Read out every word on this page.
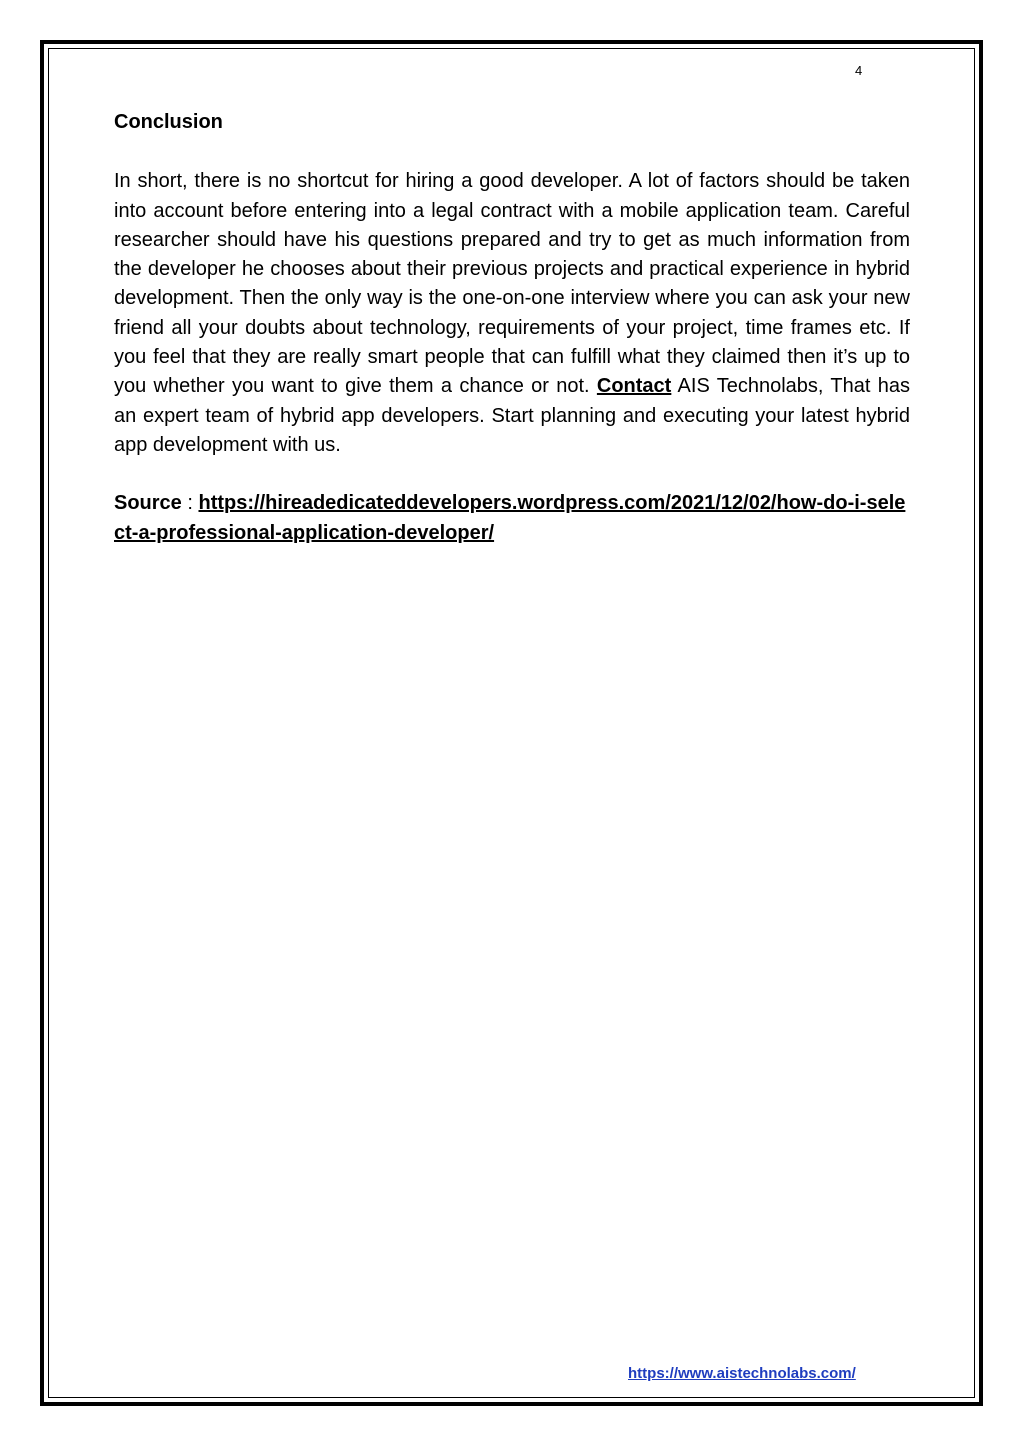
4

Conclusion

In short, there is no shortcut for hiring a good developer. A lot of factors should be taken into account before entering into a legal contract with a mobile application team. Careful researcher should have his questions prepared and try to get as much information from the developer he chooses about their previous projects and practical experience in hybrid development. Then the only way is the one-on-one interview where you can ask your new friend all your doubts about technology, requirements of your project, time frames etc. If you feel that they are really smart people that can fulfill what they claimed then it’s up to you whether you want to give them a chance or not. Contact AIS Technolabs, That has an expert team of hybrid app developers. Start planning and executing your latest hybrid app development with us.

Source : https://hireadedicateddevelopers.wordpress.com/2021/12/02/how-do-i-select-a-professional-application-developer/

https://www.aistechnolabs.com/
